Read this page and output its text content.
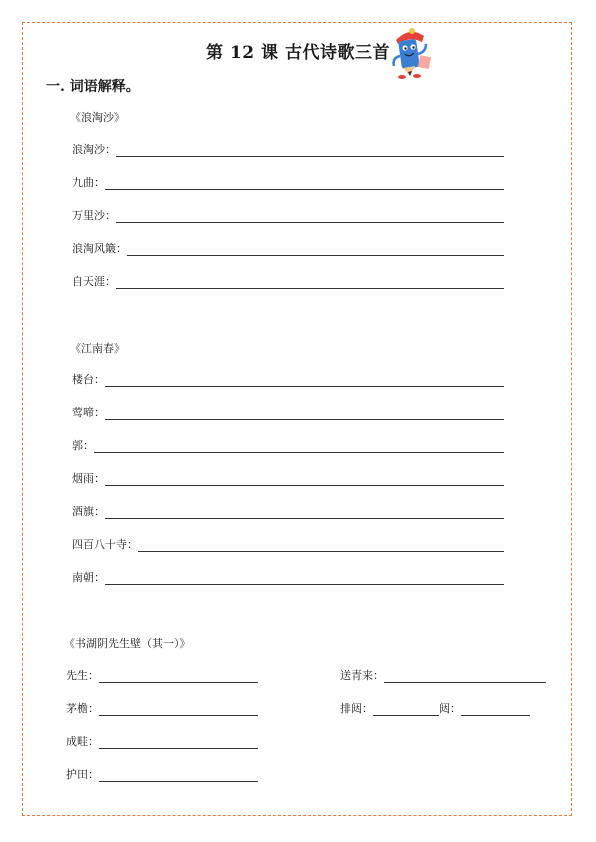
第 12 课 古代诗歌三首
一. 词语解释。
《浪淘沙》
浪淘沙：
九曲：
万里沙：
浪淘风簸：
自天涯：
《江南春》
楼台：
莺啼：
郭：
烟雨：
酒旗：
四百八十寺：
南朝：
《书湖阴先生壁（其一）》
先生：
茅檐：
成畦：
护田：
送青来：
排闼：	闼：
